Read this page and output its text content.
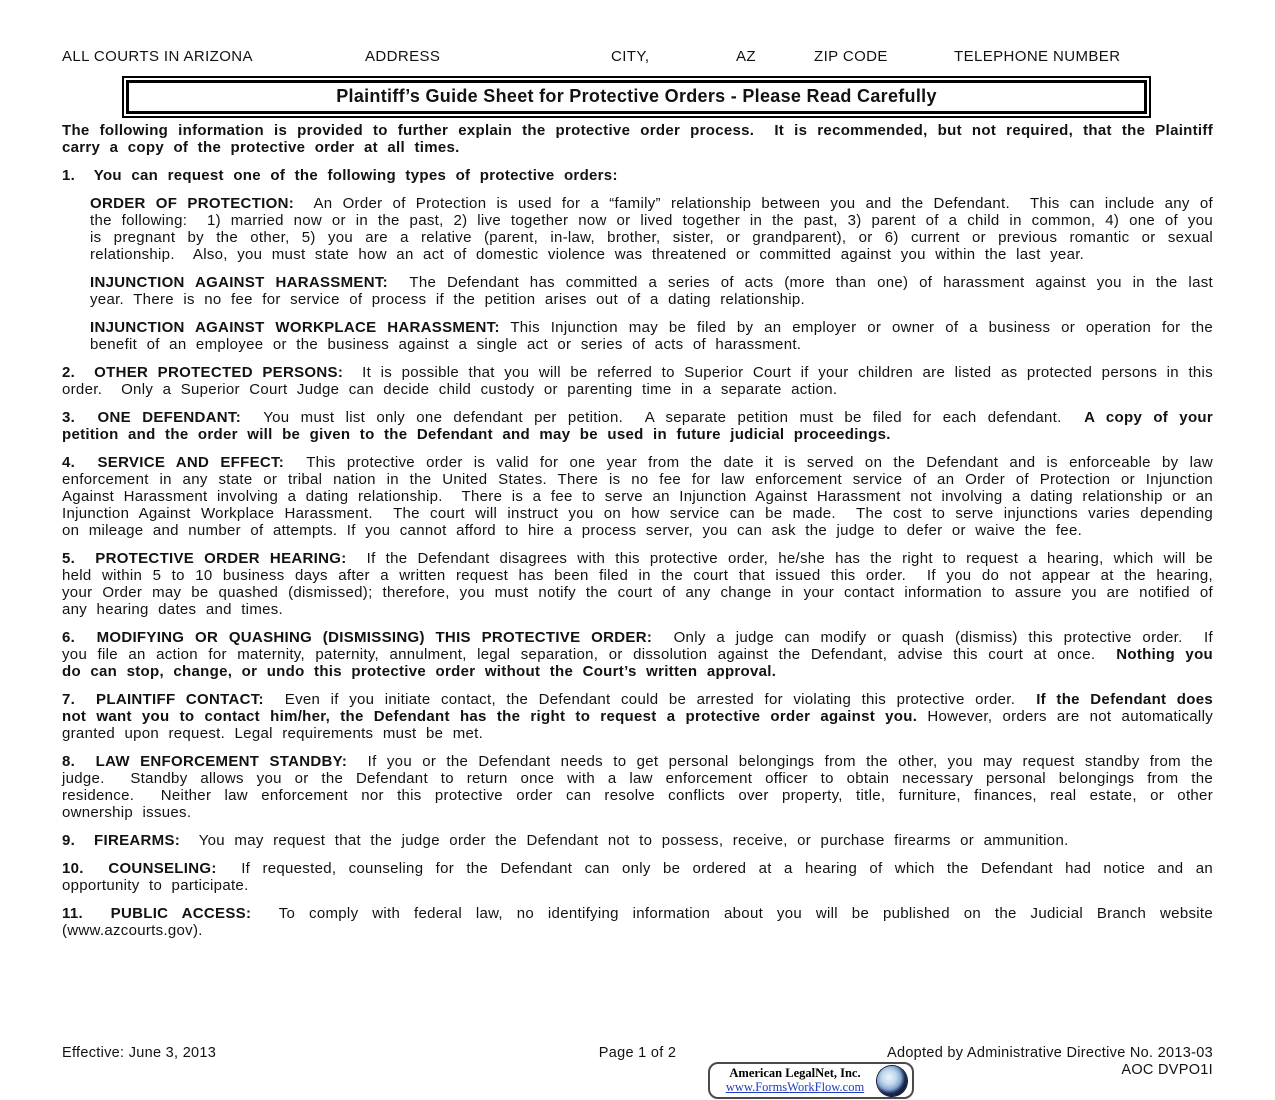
ALL COURTS IN ARIZONA	ADDRESS	CITY,	AZ	ZIP CODE	TELEPHONE NUMBER
Plaintiff’s Guide Sheet for Protective Orders - Please Read Carefully

The following information is provided to further explain the protective order process.  It is recommended, but not required, that the Plaintiff carry a copy of the protective order at all times.

1.  You can request one of the following types of protective orders:

ORDER OF PROTECTION:  An Order of Protection is used for a “family” relationship between you and the Defendant.  This can include any of the following:  1) married now or in the past, 2) live together now or lived together in the past, 3) parent of a child in common, 4) one of you is pregnant by the other, 5) you are a relative (parent, in-law, brother, sister, or grandparent), or 6) current or previous romantic or sexual relationship.  Also, you must state how an act of domestic violence was threatened or committed against you within the last year.

INJUNCTION AGAINST HARASSMENT:  The Defendant has committed a series of acts (more than one) of harassment against you in the last year. There is no fee for service of process if the petition arises out of a dating relationship.

INJUNCTION AGAINST WORKPLACE HARASSMENT: This Injunction may be filed by an employer or owner of a business or operation for the benefit of an employee or the business against a single act or series of acts of harassment.

2.  OTHER PROTECTED PERSONS:  It is possible that you will be referred to Superior Court if your children are listed as protected persons in this order.  Only a Superior Court Judge can decide child custody or parenting time in a separate action.

3.  ONE DEFENDANT:  You must list only one defendant per petition.  A separate petition must be filed for each defendant.  A copy of your petition and the order will be given to the Defendant and may be used in future judicial proceedings.

4.  SERVICE AND EFFECT:  This protective order is valid for one year from the date it is served on the Defendant and is enforceable by law enforcement in any state or tribal nation in the United States. There is no fee for law enforcement service of an Order of Protection or Injunction Against Harassment involving a dating relationship.  There is a fee to serve an Injunction Against Harassment not involving a dating relationship or an Injunction Against Workplace Harassment.  The court will instruct you on how service can be made.  The cost to serve injunctions varies depending on mileage and number of attempts. If you cannot afford to hire a process server, you can ask the judge to defer or waive the fee.

5.  PROTECTIVE ORDER HEARING:  If the Defendant disagrees with this protective order, he/she has the right to request a hearing, which will be held within 5 to 10 business days after a written request has been filed in the court that issued this order.  If you do not appear at the hearing, your Order may be quashed (dismissed); therefore, you must notify the court of any change in your contact information to assure you are notified of any hearing dates and times.

6.  MODIFYING OR QUASHING (DISMISSING) THIS PROTECTIVE ORDER:  Only a judge can modify or quash (dismiss) this protective order.  If you file an action for maternity, paternity, annulment, legal separation, or dissolution against the Defendant, advise this court at once.  Nothing you do can stop, change, or undo this protective order without the Court’s written approval.

7.  PLAINTIFF CONTACT:  Even if you initiate contact, the Defendant could be arrested for violating this protective order.  If the Defendant does not want you to contact him/her, the Defendant has the right to request a protective order against you. However, orders are not automatically granted upon request. Legal requirements must be met.

8.  LAW ENFORCEMENT STANDBY:  If you or the Defendant needs to get personal belongings from the other, you may request standby from the judge.  Standby allows you or the Defendant to return once with a law enforcement officer to obtain necessary personal belongings from the residence.  Neither law enforcement nor this protective order can resolve conflicts over property, title, furniture, finances, real estate, or other ownership issues.

9.  FIREARMS:  You may request that the judge order the Defendant not to possess, receive, or purchase firearms or ammunition.

10.  COUNSELING:  If requested, counseling for the Defendant can only be ordered at a hearing of which the Defendant had notice and an opportunity to participate.

11.  PUBLIC ACCESS:  To comply with federal law, no identifying information about you will be published on the Judicial Branch website (www.azcourts.gov).

Effective: June 3, 2013	Page 1 of 2	Adopted by Administrative Directive No. 2013-03
AOC DVPO1I
American LegalNet, Inc.
www.FormsWorkFlow.com
